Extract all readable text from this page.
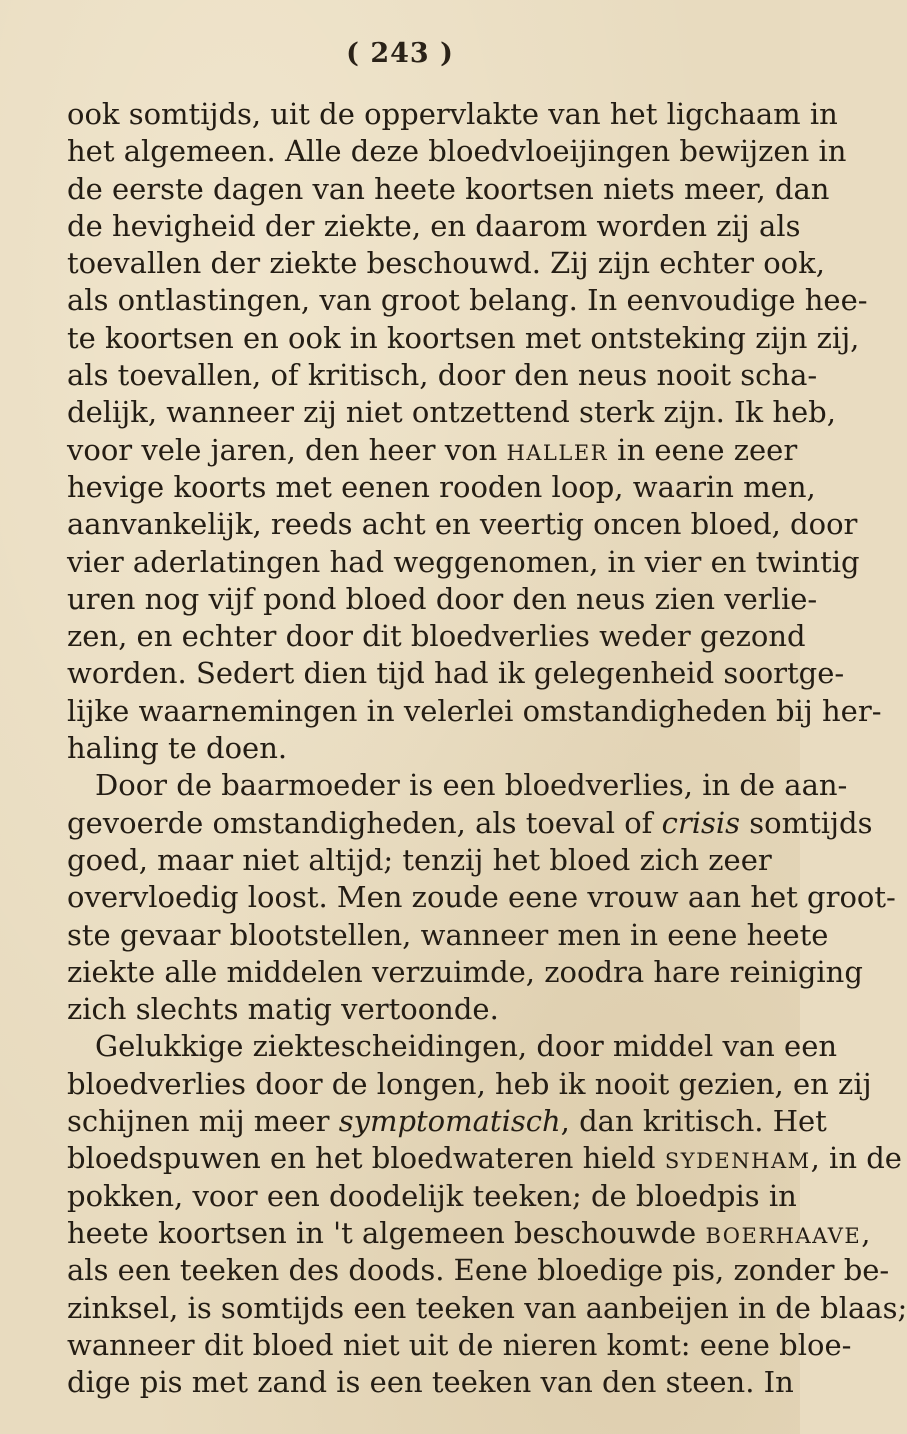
( 243 )
ook somtijds, uit de oppervlakte van het ligchaam in
het algemeen. Alle deze bloedvloeijingen bewijzen in
de eerste dagen van heete koortsen niets meer, dan
de hevigheid der ziekte, en daarom worden zij als
toevallen der ziekte beschouwd. Zij zijn echter ook,
als ontlastingen, van groot belang. In eenvoudige hee-
te koortsen en ook in koortsen met ontsteking zijn zij,
als toevallen, of kritisch, door den neus nooit scha-
delijk, wanneer zij niet ontzettend sterk zijn. Ik heb,
voor vele jaren, den heer von HALLER in eene zeer
hevige koorts met eenen rooden loop, waarin men,
aanvankelijk, reeds acht en veertig oncen bloed, door
vier aderlatingen had weggenomen, in vier en twintig
uren nog vijf pond bloed door den neus zien verlie-
zen, en echter door dit bloedverlies weder gezond
worden. Sedert dien tijd had ik gelegenheid soortge-
lijke waarnemingen in velerlei omstandigheden bij her-
haling te doen.
Door de baarmoeder is een bloedverlies, in de aan-
gevoerde omstandigheden, als toeval of crisis somtijds
goed, maar niet altijd; tenzij het bloed zich zeer
overvloedig loost. Men zoude eene vrouw aan het groot-
ste gevaar blootstellen, wanneer men in eene heete
ziekte alle middelen verzuimde, zoodra hare reiniging
zich slechts matig vertoonde.
Gelukkige ziektescheidingen, door middel van een
bloedverlies door de longen, heb ik nooit gezien, en zij
schijnen mij meer symptomatisch, dan kritisch. Het
bloedspuwen en het bloedwateren hield SYDENHAM, in de
pokken, voor een doodelijk teeken; de bloedpis in
heete koortsen in 't algemeen beschouwde BOERHAAVE,
als een teeken des doods. Eene bloedige pis, zonder be-
zinksel, is somtijds een teeken van aanbeijen in de blaas;
wanneer dit bloed niet uit de nieren komt: eene bloe-
dige pis met zand is een teeken van den steen. In
